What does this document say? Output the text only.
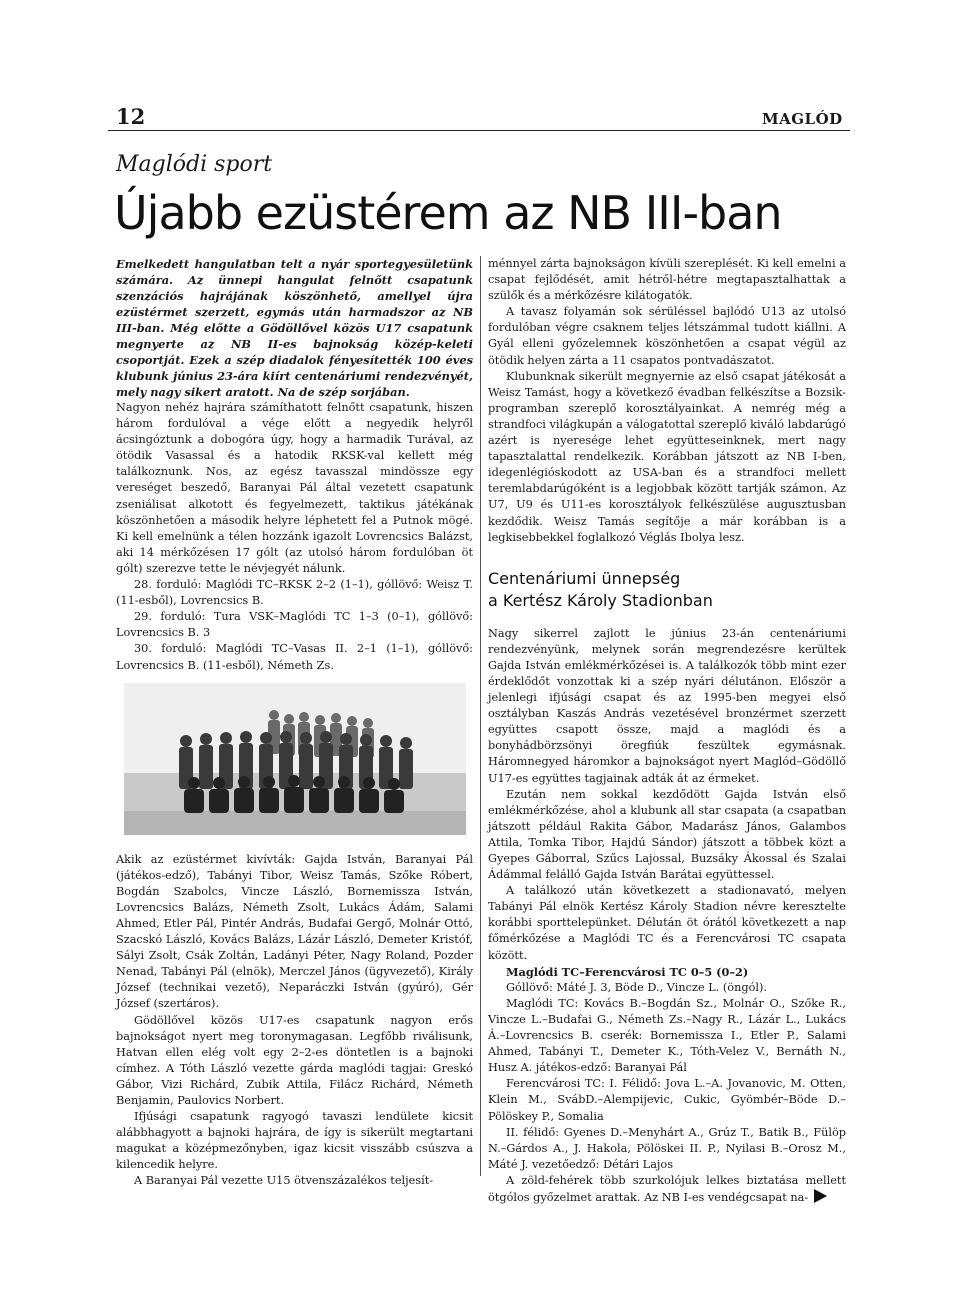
12	MAGLÓD
Maglódi sport
Újabb ezüstérem az NB III-ban

Emelkedett hangulatban telt a nyár sportegyesületünk számára. Az ünnepi hangulat felnőtt csapatunk szenzációs hajrájának köszönhető, amellyel újra ezüstérmet szerzett, egymás után harmadszor az NB III-ban. Még előtte a Gödöllővel közös U17 csapatunk megnyerte az NB II-es bajnokság közép-keleti csoportját. Ezek a szép diadalok fényesítették 100 éves klubunk június 23-ára kiírt centenáriumi rendezvényét, mely nagy sikert aratott. Na de szép sorjában.

Nagyon nehéz hajrára számíthatott felnőtt csapatunk, hiszen három fordulóval a vége előtt a negyedik helyről ácsingóztunk a dobogóra úgy, hogy a harmadik Turával, az ötödik Vasassal és a hatodik RKSK-val kellett még találkoznunk. Nos, az egész tavasszal mindössze egy vereséget beszedő, Baranyai Pál által vezetett csapatunk zseniálisat alkotott és fegyelmezett, taktikus játékának köszönhetően a második helyre léphetett fel a Putnok mögé. Ki kell emelnünk a télen hozzánk igazolt Lovrencsics Balázst, aki 14 mérkőzésen 17 gólt (az utolsó három fordulóban öt gólt) szerezve tette le névjegyét nálunk.

28. forduló: Maglódi TC–RKSK 2–2 (1–1), góllövő: Weisz T. (11-esből), Lovrencsics B.

29. forduló: Tura VSK–Maglódi TC 1–3 (0–1), góllövő: Lovrencsics B. 3

30. forduló: Maglódi TC–Vasas II. 2–1 (1–1), góllövő: Lovrencsics B. (11-esből), Németh Zs.

Akik az ezüstérmet kivívták: Gajda István, Baranyai Pál (játékos-edző), Tabányi Tibor, Weisz Tamás, Szőke Róbert, Bogdán Szabolcs, Vincze László, Bornemissza István, Lovrencsics Balázs, Németh Zsolt, Lukács Ádám, Salami Ahmed, Etler Pál, Pintér András, Budafai Gergő, Molnár Ottó, Szacskó László, Kovács Balázs, Lázár László, Demeter Kristóf, Sályi Zsolt, Csák Zoltán, Ladányi Péter, Nagy Roland, Pozder Nenad, Tabányi Pál (elnök), Merczel János (ügyvezető), Király József (technikai vezető), Neparáczki István (gyúró), Gér József (szertáros).

Gödöllővel közös U17-es csapatunk nagyon erős bajnokságot nyert meg toronymagasan. Legfőbb riválisunk, Hatvan ellen elég volt egy 2–2-es döntetlen is a bajnoki címhez. A Tóth László vezette gárda maglódi tagjai: Greskó Gábor, Vizi Richárd, Zubik Attila, Filácz Richárd, Németh Benjamin, Paulovics Norbert.

Ifjúsági csapatunk ragyogó tavaszi lendülete kicsit alábbhagyott a bajnoki hajrára, de így is sikerült megtartani magukat a középmezőnyben, igaz kicsit visszább csúszva a kilencedik helyre.

A Baranyai Pál vezette U15 ötvenszázalékos teljesít-

ménnyel zárta bajnokságon kívüli szereplését. Ki kell emelni a csapat fejlődését, amit hétről-hétre megtapasztalhattak a szülők és a mérkőzésre kilátogatók.

A tavasz folyamán sok sérüléssel bajlódó U13 az utolsó fordulóban végre csaknem teljes létszámmal tudott kiállni. A Gyál elleni győzelemnek köszönhetően a csapat végül az ötödik helyen zárta a 11 csapatos pontvadászatot.

Klubunknak sikerült megnyernie az első csapat játékosát a Weisz Tamást, hogy a következő évadban felkészítse a Bozsik-programban szereplő korosztályainkat. A nemrég még a strandfoci világkupán a válogatottal szereplő kiváló labdarúgó azért is nyeresége lehet együtteseinknek, mert nagy tapasztalattal rendelkezik. Korábban játszott az NB I-ben, idegenlégióskodott az USA-ban és a strandfoci mellett teremlabdarúgóként is a legjobbak között tartják számon. Az U7, U9 és U11-es korosztályok felkészülése augusztusban kezdődik. Weisz Tamás segítője a már korábban is a legkisebbekkel foglalkozó Véglás Ibolya lesz.

Centenáriumi ünnepség
a Kertész Károly Stadionban

Nagy sikerrel zajlott le június 23-án centenáriumi rendezvényünk, melynek során megrendezésre kerültek Gajda István emlékmérkőzései is. A találkozók több mint ezer érdeklődőt vonzottak ki a szép nyári délutánon. Először a jelenlegi ifjúsági csapat és az 1995-ben megyei első osztályban Kaszás András vezetésével bronzérmet szerzett együttes csapott össze, majd a maglódi és a bonyhádbörzsönyi öregfiúk feszültek egymásnak. Háromnegyed háromkor a bajnokságot nyert Maglód–Gödöllő U17-es együttes tagjainak adták át az érmeket.

Ezután nem sokkal kezdődött Gajda István első emlékmérkőzése, ahol a klubunk all star csapata (a csapatban játszott például Rakita Gábor, Madarász János, Galambos Attila, Tomka Tibor, Hajdú Sándor) játszott a többek közt a Gyepes Gáborral, Szűcs Lajossal, Buzsáky Ákossal és Szalai Ádámmal felálló Gajda István Barátai együttessel.

A találkozó után következett a stadionavató, melyen Tabányi Pál elnök Kertész Károly Stadion névre keresztelte korábbi sporttelepünket. Délután öt órától következett a nap főmérkőzése a Maglódi TC és a Ferencvárosi TC csapata között.

Maglódi TC–Ferencvárosi TC 0–5 (0–2)

Góllövő: Máté J. 3, Böde D., Vincze L. (öngól).

Maglódi TC: Kovács B.–Bogdán Sz., Molnár O., Szőke R., Vincze L.–Budafai G., Németh Zs.–Nagy R., Lázár L., Lukács Á.–Lovrencsics B. cserék: Bornemissza I., Etler P., Salami Ahmed, Tabányi T., Demeter K., Tóth-Velez V., Bernáth N., Husz A. játékos-edző: Baranyai Pál

Ferencvárosi TC: I. Félidő: Jova L.–A. Jovanovic, M. Otten, Klein M., SvábD.–Alempijevic, Cukic, Gyömbér–Böde D.–Pölöskey P., Somalia

II. félidő: Gyenes D.–Menyhárt A., Grúz T., Batik B., Fülöp N.–Gárdos A., J. Hakola, Pölöskei II. P., Nyilasi B.–Orosz M., Máté J. vezetőedző: Détári Lajos

A zöld-fehérek több szurkolójuk lelkes biztatása mellett ötgólos győzelmet arattak. Az NB I-es vendégcsapat na-
